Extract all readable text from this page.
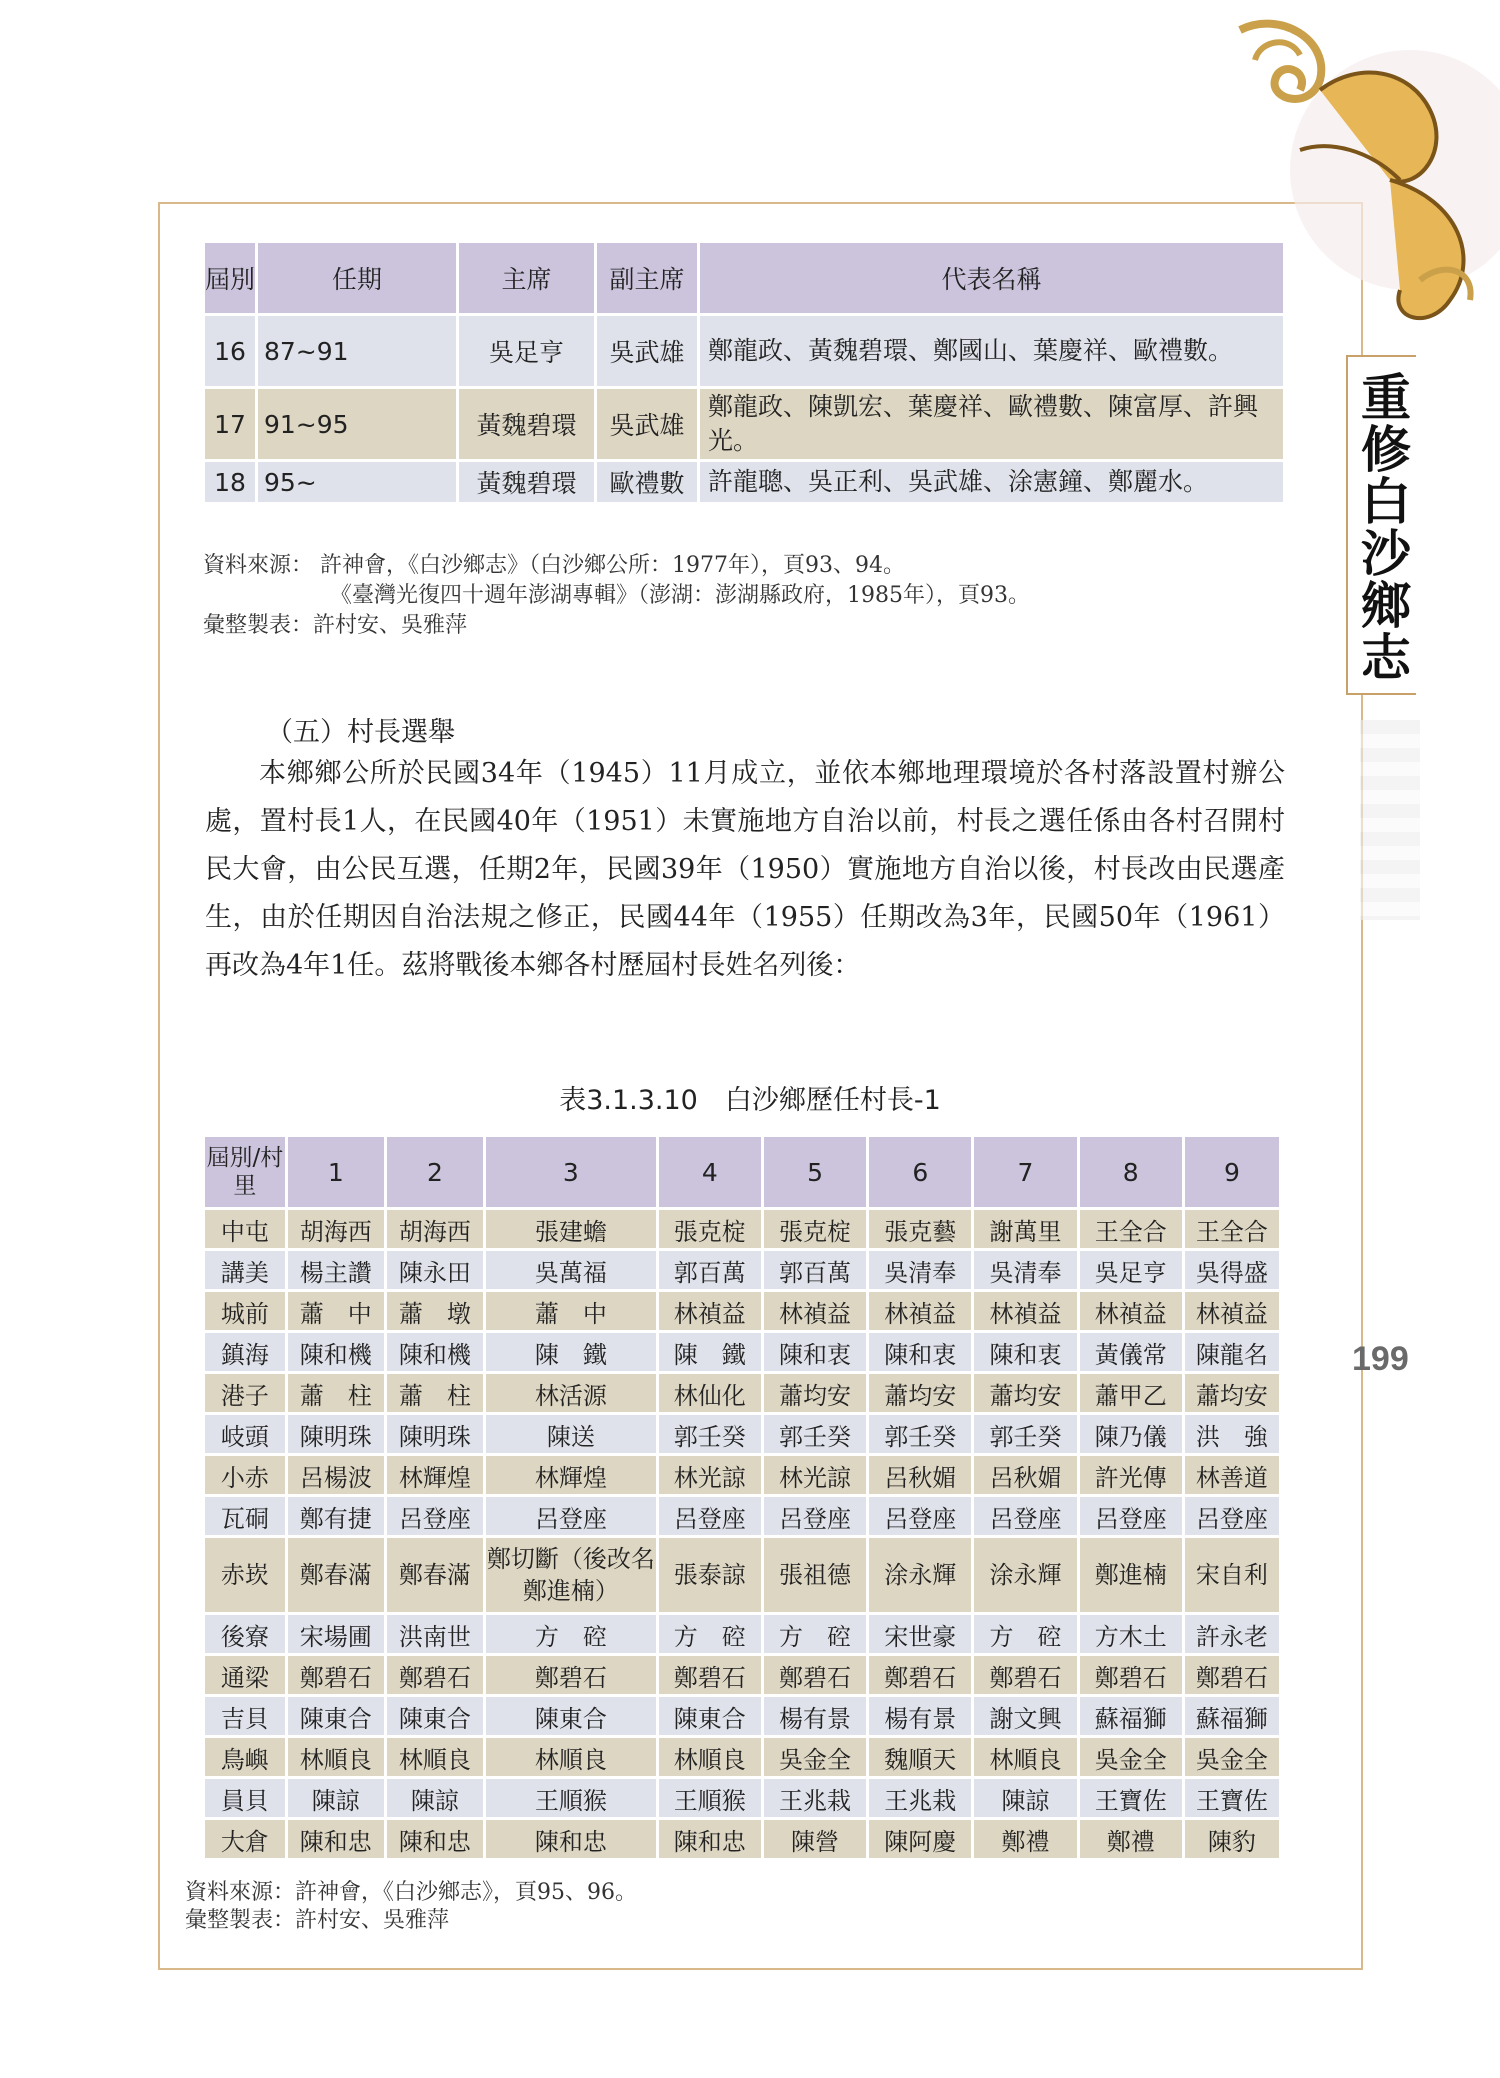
重修白沙鄉志
199
屆別	任期	主席	副主席	代表名稱
16	87~91	吳足亨	吳武雄	鄭龍政、黃魏碧環、鄭國山、葉慶祥、歐禮數。
17	91~95	黃魏碧環	吳武雄	鄭龍政、陳凱宏、葉慶祥、歐禮數、陳富厚、許興光。
18	95~	黃魏碧環	歐禮數	許龍聰、吳正利、吳武雄、涂憲鐘、鄭麗水。
資料來源： 許神會，《白沙鄉志》（白沙鄉公所：1977年），頁93、94。
《臺灣光復四十週年澎湖專輯》（澎湖：澎湖縣政府，1985年），頁93。
彙整製表：許村安、吳雅萍
（五）村長選舉
本鄉鄉公所於民國34年（1945）11月成立，並依本鄉地理環境於各村落設置村辦公處，置村長1人，在民國40年（1951）未實施地方自治以前，村長之選任係由各村召開村民大會，由公民互選，任期2年，民國39年（1950）實施地方自治以後，村長改由民選產生，由於任期因自治法規之修正，民國44年（1955）任期改為3年，民國50年（1961）再改為4年1任。茲將戰後本鄉各村歷屆村長姓名列後：
表3.1.3.10　白沙鄉歷任村長-1
屆別/村里	1	2	3	4	5	6	7	8	9
中屯	胡海西	胡海西	張建蟾	張克椗	張克椗	張克藝	謝萬里	王全合	王全合
講美	楊主讚	陳永田	吳萬福	郭百萬	郭百萬	吳清奉	吳清奉	吳足亨	吳得盛
城前	蕭　中	蕭　墩	蕭　中	林禎益	林禎益	林禎益	林禎益	林禎益	林禎益
鎮海	陳和機	陳和機	陳　鐵	陳　鐵	陳和衷	陳和衷	陳和衷	黃儀常	陳龍名
港子	蕭　柱	蕭　柱	林活源	林仙化	蕭均安	蕭均安	蕭均安	蕭甲乙	蕭均安
岐頭	陳明珠	陳明珠	陳送	郭壬癸	郭壬癸	郭壬癸	郭壬癸	陳乃儀	洪　強
小赤	呂楊波	林輝煌	林輝煌	林光諒	林光諒	呂秋媚	呂秋媚	許光傳	林善道
瓦硐	鄭有捷	呂登座	呂登座	呂登座	呂登座	呂登座	呂登座	呂登座	呂登座
赤崁	鄭春滿	鄭春滿	鄭切斷（後改名鄭進楠）	張泰諒	張祖德	涂永輝	涂永輝	鄭進楠	宋自利
後寮	宋場圃	洪南世	方　硿	方　硿	方　硿	宋世豪	方　硿	方木土	許永老
通梁	鄭碧石	鄭碧石	鄭碧石	鄭碧石	鄭碧石	鄭碧石	鄭碧石	鄭碧石	鄭碧石
吉貝	陳東合	陳東合	陳東合	陳東合	楊有景	楊有景	謝文興	蘇福獅	蘇福獅
鳥嶼	林順良	林順良	林順良	林順良	吳金全	魏順天	林順良	吳金全	吳金全
員貝	陳諒	陳諒	王順猴	王順猴	王兆栽	王兆栽	陳諒	王寶佐	王寶佐
大倉	陳和忠	陳和忠	陳和忠	陳和忠	陳營	陳阿慶	鄭禮	鄭禮	陳豹
資料來源：許神會，《白沙鄉志》，頁95、96。
彙整製表：許村安、吳雅萍
